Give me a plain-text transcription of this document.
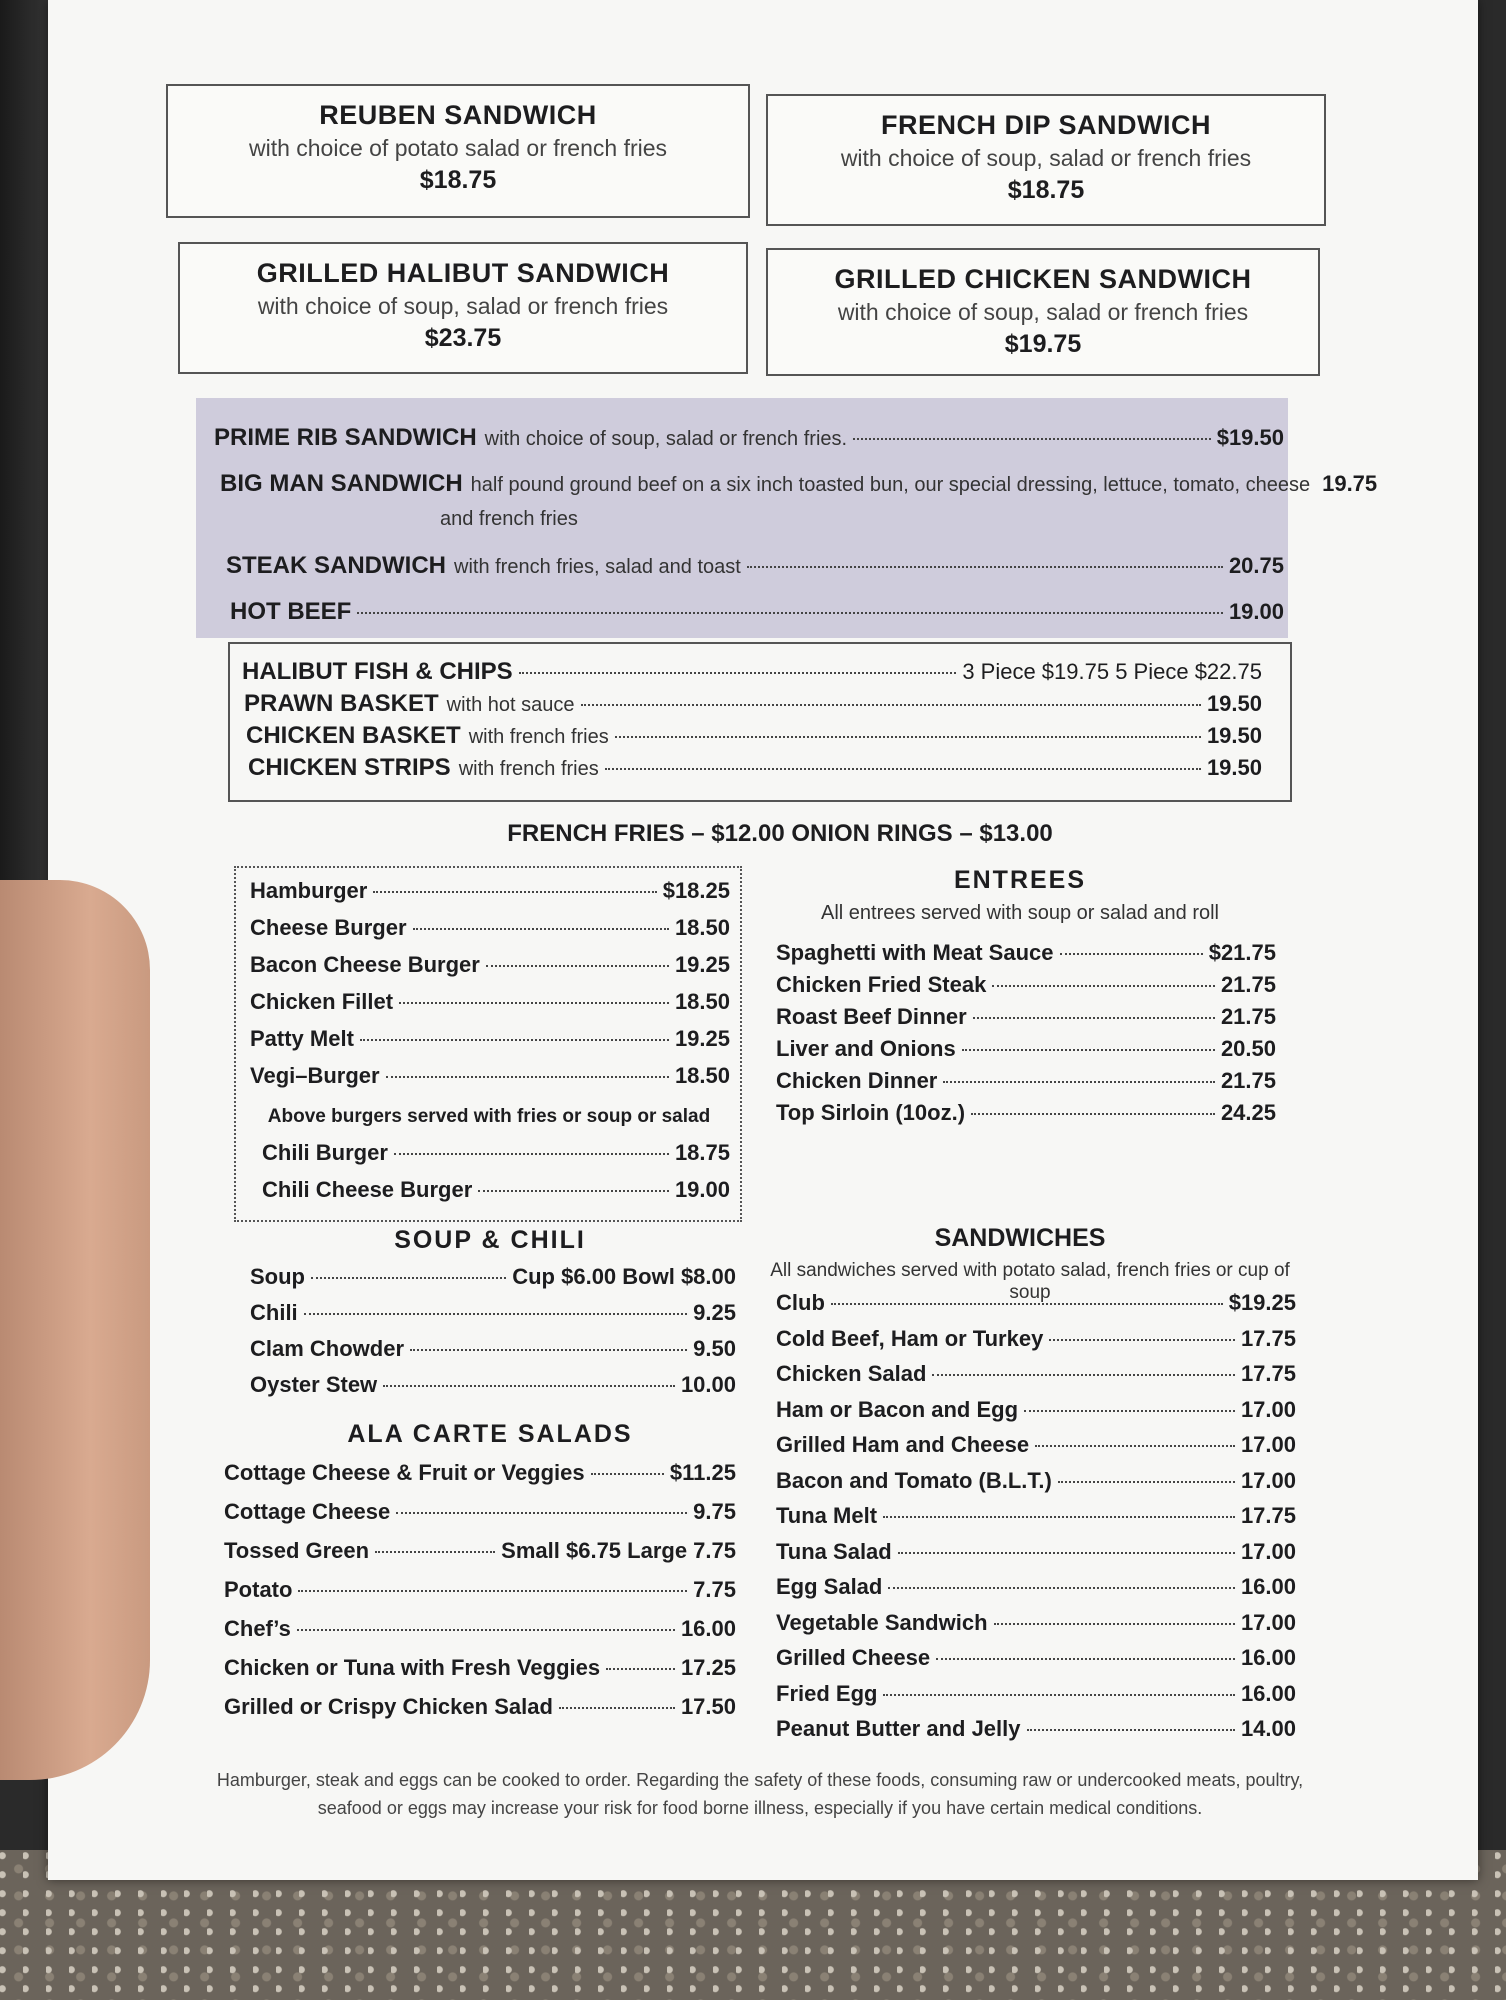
REUBEN SANDWICH
with choice of potato salad or french fries
$18.75
FRENCH DIP SANDWICH
with choice of soup, salad or french fries
$18.75
GRILLED HALIBUT SANDWICH
with choice of soup, salad or french fries
$23.75
GRILLED CHICKEN SANDWICH
with choice of soup, salad or french fries
$19.75
PRIME RIB SANDWICH with choice of soup, salad or french fries.	$19.50
BIG MAN SANDWICH half pound ground beef on a six inch toasted bun, our special dressing, lettuce, tomato, cheese 19.75
and french fries
STEAK SANDWICH with french fries, salad and toast	20.75
HOT BEEF	19.00
HALIBUT FISH & CHIPS	3 Piece $19.75 5 Piece $22.75
PRAWN BASKET with hot sauce	19.50
CHICKEN BASKET with french fries	19.50
CHICKEN STRIPS with french fries	19.50
FRENCH FRIES – $12.00 ONION RINGS – $13.00
Hamburger	$18.25
Cheese Burger	18.50
Bacon Cheese Burger	19.25
Chicken Fillet	18.50
Patty Melt	19.25
Vegi–Burger	18.50
Chili Burger	18.75
Chili Cheese Burger	19.00
Above burgers served with fries or soup or salad
ENTREES
All entrees served with soup or salad and roll
Spaghetti with Meat Sauce	$21.75
Chicken Fried Steak	21.75
Roast Beef Dinner	21.75
Liver and Onions	20.50
Chicken Dinner	21.75
Top Sirloin (10oz.)	24.25
SOUP & CHILI
Soup	Cup $6.00 Bowl $8.00
Chili	9.25
Clam Chowder	9.50
Oyster Stew	10.00
ALA CARTE SALADS
Cottage Cheese & Fruit or Veggies	$11.25
Cottage Cheese	9.75
Tossed Green	Small $6.75 Large 7.75
Potato	7.75
Chef’s	16.00
Chicken or Tuna with Fresh Veggies	17.25
Grilled or Crispy Chicken Salad	17.50
SANDWICHES
All sandwiches served with potato salad, french fries or cup of soup
Club	$19.25
Cold Beef, Ham or Turkey	17.75
Chicken Salad	17.75
Ham or Bacon and Egg	17.00
Grilled Ham and Cheese	17.00
Bacon and Tomato (B.L.T.)	17.00
Tuna Melt	17.75
Tuna Salad	17.00
Egg Salad	16.00
Vegetable Sandwich	17.00
Grilled Cheese	16.00
Fried Egg	16.00
Peanut Butter and Jelly	14.00
Hamburger, steak and eggs can be cooked to order. Regarding the safety of these foods, consuming raw or undercooked meats, poultry, seafood or eggs may increase your risk for food borne illness, especially if you have certain medical conditions.
